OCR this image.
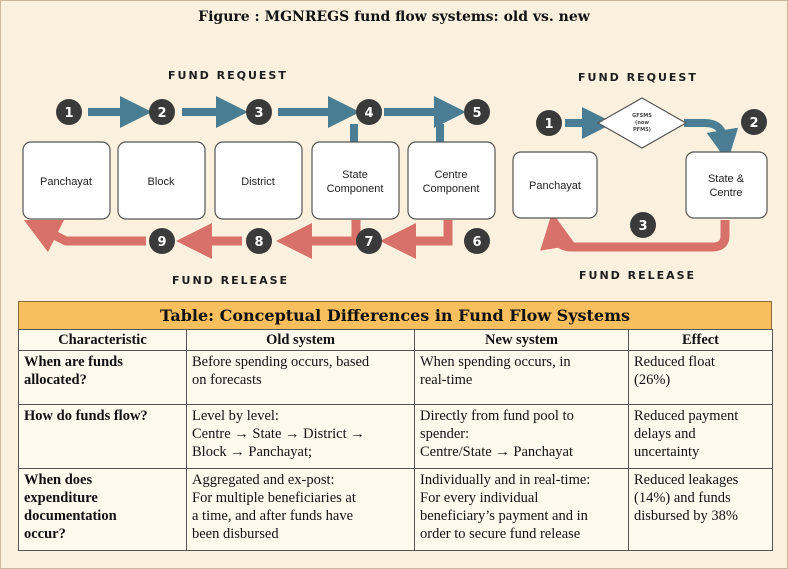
Figure : MGNREGS fund flow systems: old vs. new
FUND REQUEST
FUND RELEASE
Panchayat	Block	District
State
Component
Centre
Component
1	2	3	4	5
6
7
8
9
FUND REQUEST
FUND RELEASE
GFSMS
(now
PFMS)
Panchayat
State &
Centre
1	2
3
Table: Conceptual Differences in Fund Flow Systems
Characteristic	Old system	New system	Effect

When are funds
allocated?	Before spending occurs, based
on forecasts	When spending occurs, in
real-time	Reduced float
(26%)

How do funds flow?	Level by level:
Centre → State → District →
Block → Panchayat;	Directly from fund pool to
spender:
Centre/State → Panchayat	Reduced payment
delays and
uncertainty

When does
expenditure
documentation
occur?	Aggregated and ex-post:
For multiple beneficiaries at
a time, and after funds have
been disbursed	Individually and in real-time:
For every individual
beneficiary’s payment and in
order to secure fund release	Reduced leakages
(14%) and funds
disbursed by 38%
